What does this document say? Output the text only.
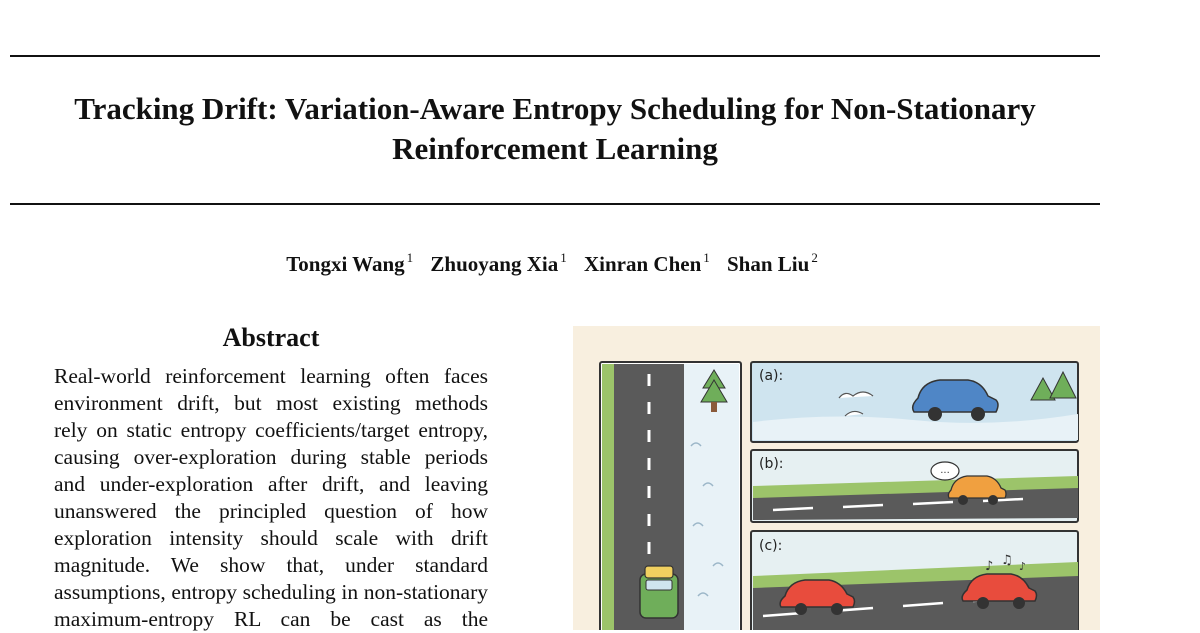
Tracking Drift: Variation-Aware Entropy Scheduling for Non-Stationary
Reinforcement Learning
Tongxi Wang $^1$ Zhuoyang Xia $^1$ Xinran Chen $^1$ Shan Liu $^2$
Abstract
Real-world reinforcement learning often faces
environment drift, but most existing methods
rely on static entropy coefficients/target entropy,
causing over-exploration during stable periods
and under-exploration after drift, and leaving
unanswered the principled question of how
exploration intensity should scale with drift
magnitude. We show that, under standard
assumptions, entropy scheduling in non-stationary
maximum-entropy RL can be cast as the
(a):
...
(b):
♪ ♫ ♪
(c):
